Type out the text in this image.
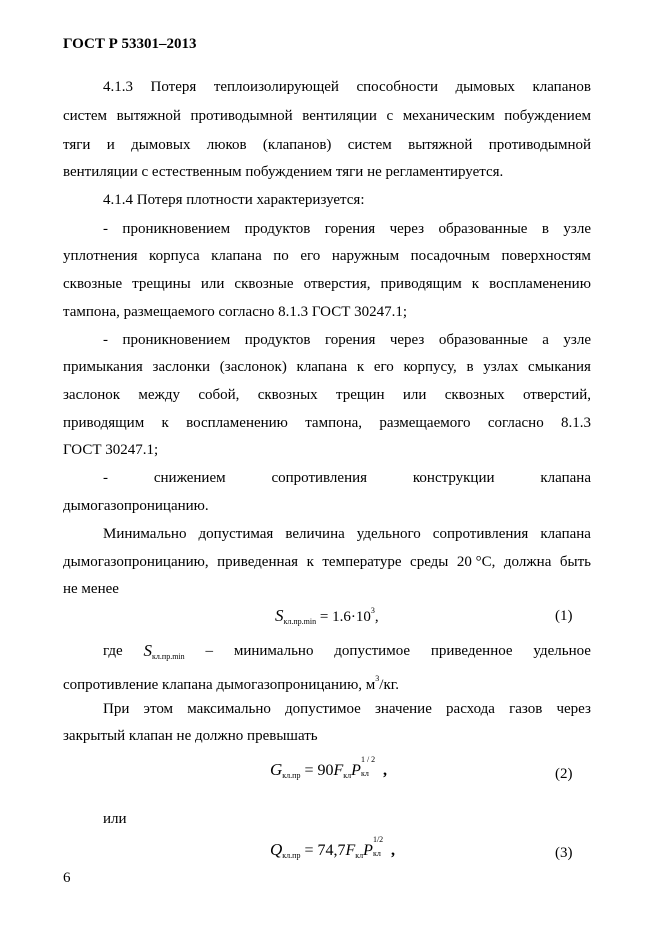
ГОСТ Р 53301–2013
4.1.3 Потеря теплоизолирующей способности дымовых клапанов
систем вытяжной противодымной вентиляции с механическим побуждением
тяги и дымовых люков (клапанов) систем вытяжной противодымной
вентиляции с естественным побуждением тяги не регламентируется.
4.1.4 Потеря плотности характеризуется:
- проникновением продуктов горения через образованные в узле
уплотнения корпуса клапана по его наружным посадочным поверхностям
сквозные трещины или сквозные отверстия, приводящим к воспламенению
тампона, размещаемого согласно 8.1.3 ГОСТ 30247.1;
- проникновением продуктов горения через образованные а узле
примыкания заслонки (заслонок) клапана к его корпусу, в узлах смыкания
заслонок между собой, сквозных трещин или сквозных отверстий,
приводящим к воспламенению тампона, размещаемого согласно 8.1.3
ГОСТ 30247.1;
-	снижением	сопротивления	конструкции	клапана
дымогазопроницанию.
Минимально допустимая величина удельного сопротивления клапана
дымогазопроницанию, приведенная к температуре среды 20 °С, должна быть
не менее
$S_{кл.пр.min} = 1.6\cdot 10^3$,	(1)
где $S_{кл.пр.min}$ – минимально допустимое приведенное удельное
сопротивление клапана дымогазопроницанию, $м^3/кг$.
При этом максимально допустимое значение расхода газов через
закрытый клапан не должно превышать
$G_{кл.пр} = 90F_{кл}P$
1 / 2
кл ,	(2)
или
$Q_{кл.пр} = 74,7F_{кл}P$
1/2
кл ,	(3)
6
